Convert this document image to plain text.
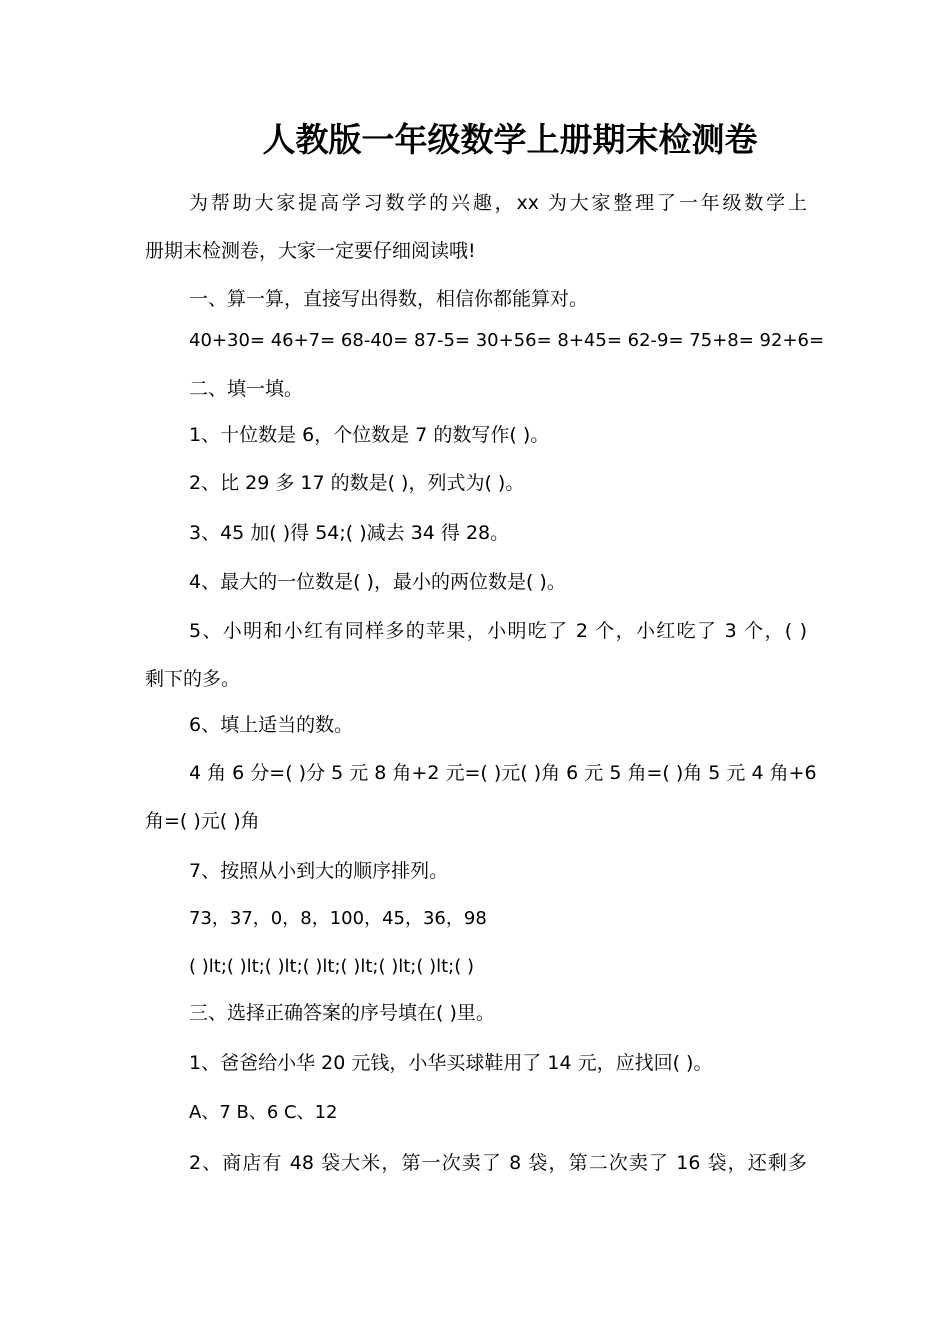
人教版一年级数学上册期末检测卷
为帮助大家提高学习数学的兴趣，xx 为大家整理了一年级数学上
册期末检测卷，大家一定要仔细阅读哦!
一、算一算，直接写出得数，相信你都能算对。
40+30= 46+7= 68-40= 87-5= 30+56= 8+45= 62-9= 75+8= 92+6=
二、填一填。
1、十位数是 6，个位数是 7 的数写作( )。
2、比 29 多 17 的数是( )，列式为( )。
3、45 加( )得 54;( )减去 34 得 28。
4、最大的一位数是( )，最小的两位数是( )。
5、小明和小红有同样多的苹果，小明吃了 2 个，小红吃了 3 个，( )
剩下的多。
6、填上适当的数。
4 角 6 分=( )分 5 元 8 角+2 元=( )元( )角 6 元 5 角=( )角 5 元 4 角+6
角=( )元( )角
7、按照从小到大的顺序排列。
73，37，0，8，100，45，36，98
( )lt;( )lt;( )lt;( )lt;( )lt;( )lt;( )lt;( )
三、选择正确答案的序号填在( )里。
1、爸爸给小华 20 元钱，小华买球鞋用了 14 元，应找回( )。
A、7 B、6 C、12
2、商店有 48 袋大米，第一次卖了 8 袋，第二次卖了 16 袋，还剩多
